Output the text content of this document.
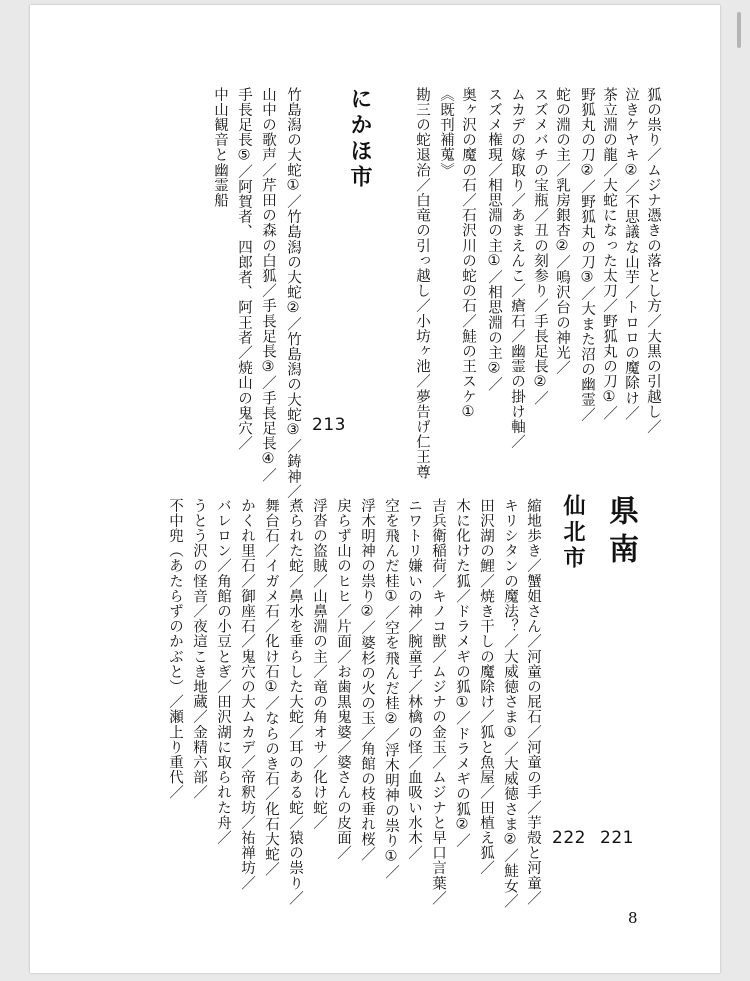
狐の祟り／ムジナ憑きの落とし方／大黒の引越し／
泣きケヤキ②／不思議な山芋／トロロの魔除け／
茶立淵の龍／大蛇になった太刀／野狐丸の刀①／
野狐丸の刀②／野狐丸の刀③／大また沼の幽霊／
蛇の淵の主／乳房銀杏②／鳴沢台の神光／
スズメバチの宝瓶／丑の刻参り／手長足長②／
ムカデの嫁取り／あまえんこ／瘡石／幽霊の掛け軸／
スズメ権現／相思淵の主①／相思淵の主②／
奥ヶ沢の魔の石／石沢川の蛇の石／鮭の王スケ①
《既刊補蒐》
勘三の蛇退治／白竜の引っ越し／小坊ヶ池／夢告げ仁王尊
にかほ市
213
竹島潟の大蛇①／竹島潟の大蛇②／竹島潟の大蛇③／鋳神／
山中の歌声／芹田の森の白狐／手長足長③／手長足長④／
手長足長⑤／阿賀者、四郎者、阿王者／焼山の鬼穴／
中山観音と幽霊船
県南
221
仙北市
222
縮地歩き／蟹姐さん／河童の屁石／河童の手／芋殻と河童／
キリシタンの魔法？／大威徳さま①／大威徳さま②／鮭女／
田沢湖の鯉／焼き干しの魔除け／狐と魚屋／田植え狐／
木に化けた狐／ドラメギの狐①／ドラメギの狐②／
吉兵衛稲荷／キノコ獣／ムジナの金玉／ムジナと早口言葉／
ニワトリ嫌いの神／腕童子／林檎の怪／血吸い水木／
空を飛んだ桂①／空を飛んだ桂②／浮木明神の祟り①／
浮木明神の祟り②／婆杉の火の玉／角館の枝垂れ桜／
戻らず山のヒヒ／片面／お歯黒鬼婆／婆さんの皮面／
浮沓の盗賊／山鼻淵の主／竜の角オサ／化け蛇／
煮られた蛇／鼻水を垂らした大蛇／耳のある蛇／猿の祟り／
舞台石／イガメ石／化け石①／ならのき石／化石大蛇／
かくれ里石／御座石／鬼穴の大ムカデ／帝釈坊／祐禅坊／
バレロン／角館の小豆とぎ／田沢湖に取られた舟／
うとう沢の怪音／夜這こき地蔵／金精六部／
不中兜（あたらずのかぶと）／瀬上り重代／
8
